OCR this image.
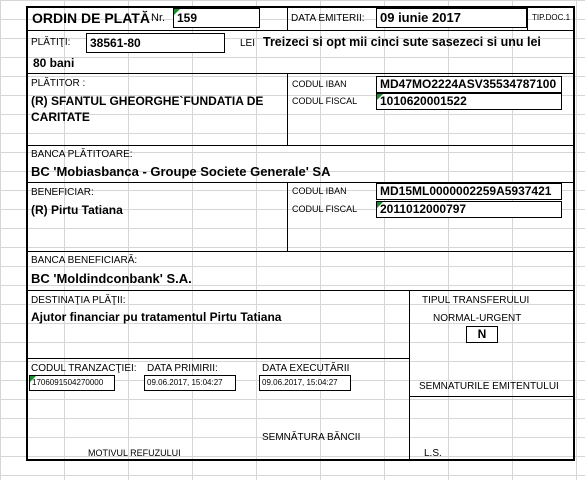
ORDIN DE PLATĂ Nr. 159	DATA EMITERII:	09 iunie 2017	TIP.DOC.1
PLĂTIŢI:	38561-80	LEI Treizeci si opt mii cinci sute sasezeci si unu lei
80 bani
PLĂTITOR :
(R) SFANTUL GHEORGHE`FUNDATIA DE
CARITATE
CODUL IBAN	MD47MO2224ASV35534787100
CODUL FISCAL	1010620001522
BANCA PLĂTITOARE:
BC 'Mobiasbanca - Groupe Societe Generale' SA
BENEFICIAR:
(R) Pirtu Tatiana
CODUL IBAN	MD15ML0000002259A5937421
CODUL FISCAL	2011012000797
BANCA BENEFICIARĂ:
BC 'Moldindconbank' S.A.
DESTINAŢIA PLĂŢII:
Ajutor financiar pu tratamentul Pirtu Tatiana
TIPUL TRANSFERULUI
NORMAL-URGENT
N
CODUL TRANZACŢIEI:
1706091504270000
DATA PRIMIRII:
09.06.2017, 15:04:27
DATA EXECUTĂRII
09.06.2017, 15:04:27	SEMNATURILE EMITENTULUI
SEMNĂTURA BĂNCII
MOTIVUL REFUZULUI	L.S.
